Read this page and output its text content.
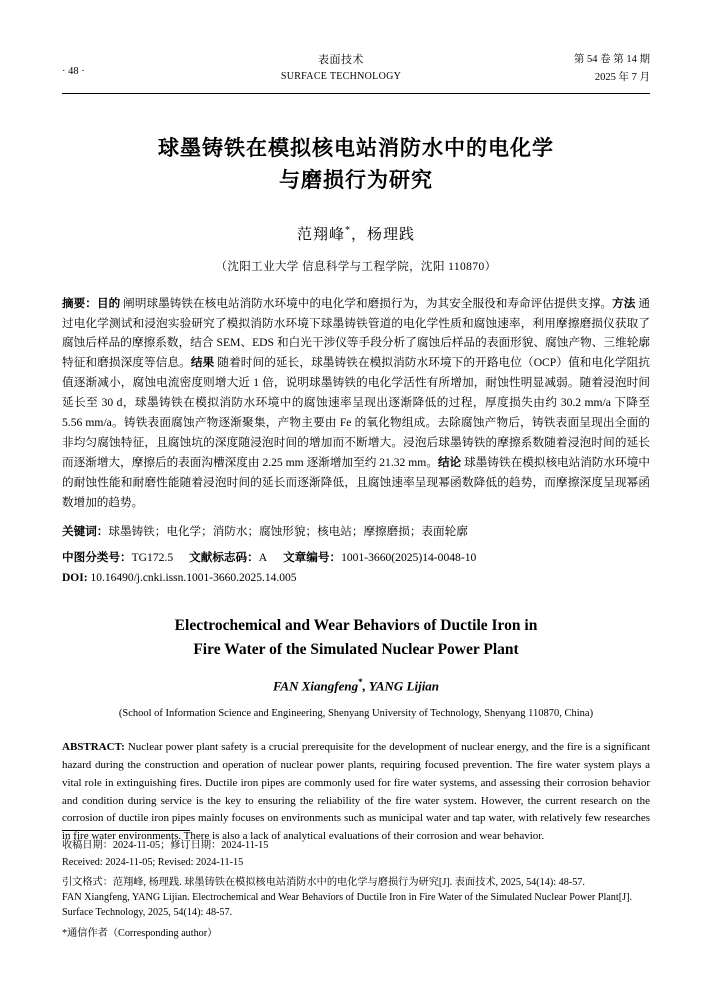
· 48 ·
表面技术
SURFACE TECHNOLOGY
第 54 卷 第 14 期
2025 年 7 月
球墨铸铁在模拟核电站消防水中的电化学
与磨损行为研究
范翔峰*，杨理践
（沈阳工业大学 信息科学与工程学院，沈阳 110870）
摘要：目的 阐明球墨铸铁在核电站消防水环境中的电化学和磨损行为，为其安全服役和寿命评估提供支撑。方法 通过电化学测试和浸泡实验研究了模拟消防水环境下球墨铸铁管道的电化学性质和腐蚀速率，利用摩擦磨损仪获取了腐蚀后样品的摩擦系数，结合 SEM、EDS 和白光干涉仪等手段分析了腐蚀后样品的表面形貌、腐蚀产物、三维轮廓特征和磨损深度等信息。结果 随着时间的延长，球墨铸铁在模拟消防水环境下的开路电位（OCP）值和电化学阻抗值逐渐减小，腐蚀电流密度则增大近 1 倍，说明球墨铸铁的电化学活性有所增加，耐蚀性明显减弱。随着浸泡时间延长至 30 d，球墨铸铁在模拟消防水环境中的腐蚀速率呈现出逐渐降低的过程，厚度损失由约 30.2 mm/a 下降至 5.56 mm/a。铸铁表面腐蚀产物逐渐聚集，产物主要由 Fe 的氧化物组成。去除腐蚀产物后，铸铁表面呈现出全面的非均匀腐蚀特征，且腐蚀坑的深度随浸泡时间的增加而不断增大。浸泡后球墨铸铁的摩擦系数随着浸泡时间的延长而逐渐增大，摩擦后的表面沟槽深度由 2.25 mm 逐渐增加至约 21.32 mm。结论 球墨铸铁在模拟核电站消防水环境中的耐蚀性能和耐磨性能随着浸泡时间的延长而逐渐降低，且腐蚀速率呈现幂函数降低的趋势，而摩擦深度呈现幂函数增加的趋势。
关键词：球墨铸铁；电化学；消防水；腐蚀形貌；核电站；摩擦磨损；表面轮廓
中图分类号：TG172.5 文献标志码：A 文章编号：1001-3660(2025)14-0048-10
DOI: 10.16490/j.cnki.issn.1001-3660.2025.14.005
Electrochemical and Wear Behaviors of Ductile Iron in
Fire Water of the Simulated Nuclear Power Plant
FAN Xiangfeng*, YANG Lijian
(School of Information Science and Engineering, Shenyang University of Technology, Shenyang 110870, China)
ABSTRACT: Nuclear power plant safety is a crucial prerequisite for the development of nuclear energy, and the fire is a significant hazard during the construction and operation of nuclear power plants, requiring focused prevention. The fire water system plays a vital role in extinguishing fires. Ductile iron pipes are commonly used for fire water systems, and assessing their corrosion behavior and condition during service is the key to ensuring the reliability of the fire water system. However, the current research on the corrosion of ductile iron pipes mainly focuses on environments such as municipal water and tap water, with relatively few researches in fire water environments. There is also a lack of analytical evaluations of their corrosion and wear behavior.
收稿日期：2024-11-05；修订日期：2024-11-15
Received: 2024-11-05; Revised: 2024-11-15
引文格式：范翔峰, 杨理践. 球墨铸铁在模拟核电站消防水中的电化学与磨损行为研究[J]. 表面技术, 2025, 54(14): 48-57.
FAN Xiangfeng, YANG Lijian. Electrochemical and Wear Behaviors of Ductile Iron in Fire Water of the Simulated Nuclear Power Plant[J].
Surface Technology, 2025, 54(14): 48-57.
*通信作者（Corresponding author）
